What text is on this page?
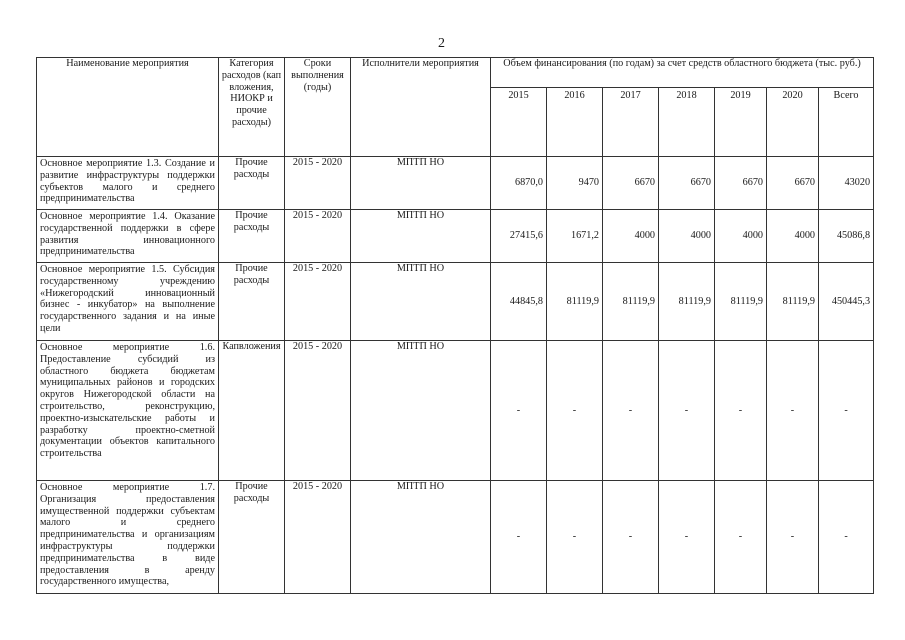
2
Наименование мероприятия	Категория расходов (кап вложения, НИОКР и прочие расходы)	Сроки выполнения (годы)	Исполнители мероприятия	Объем финансирования (по годам) за счет средств областного бюджета (тыс. руб.)						
				2015	2016	2017	2018	2019	2020	Всего
Основное мероприятие 1.3. Создание и развитие инфраструктуры поддержки субъектов малого и среднего предпринимательства	Прочие расходы	2015 - 2020	МПТП НО	6870,0	9470	6670	6670	6670	6670	43020
Основное мероприятие 1.4. Оказание государственной поддержки в сфере развития инновационного предпринимательства	Прочие расходы	2015 - 2020	МПТП НО	27415,6	1671,2	4000	4000	4000	4000	45086,8
Основное мероприятие 1.5. Субсидия государственному учреждению «Нижегородский инновационный бизнес - инкубатор» на выполнение государственного задания и на иные цели	Прочие расходы	2015 - 2020	МПТП НО	44845,8	81119,9	81119,9	81119,9	81119,9	81119,9	450445,3
Основное мероприятие 1.6. Предоставление субсидий из областного бюджета бюджетам муниципальных районов и городских округов Нижегородской области на строительство, реконструкцию, проектно-изыскательские работы и разработку проектно-сметной документации объектов капитального строительства	Капвложения	2015 - 2020	МПТП НО	-	-	-	-	-	-	-
Основное мероприятие 1.7. Организация предоставления имущественной поддержки субъектам малого и среднего предпринимательства и организациям инфраструктуры поддержки предпринимательства в виде предоставления в аренду государственного имущества,	Прочие расходы	2015 - 2020	МПТП НО	-	-	-	-	-	-	-
